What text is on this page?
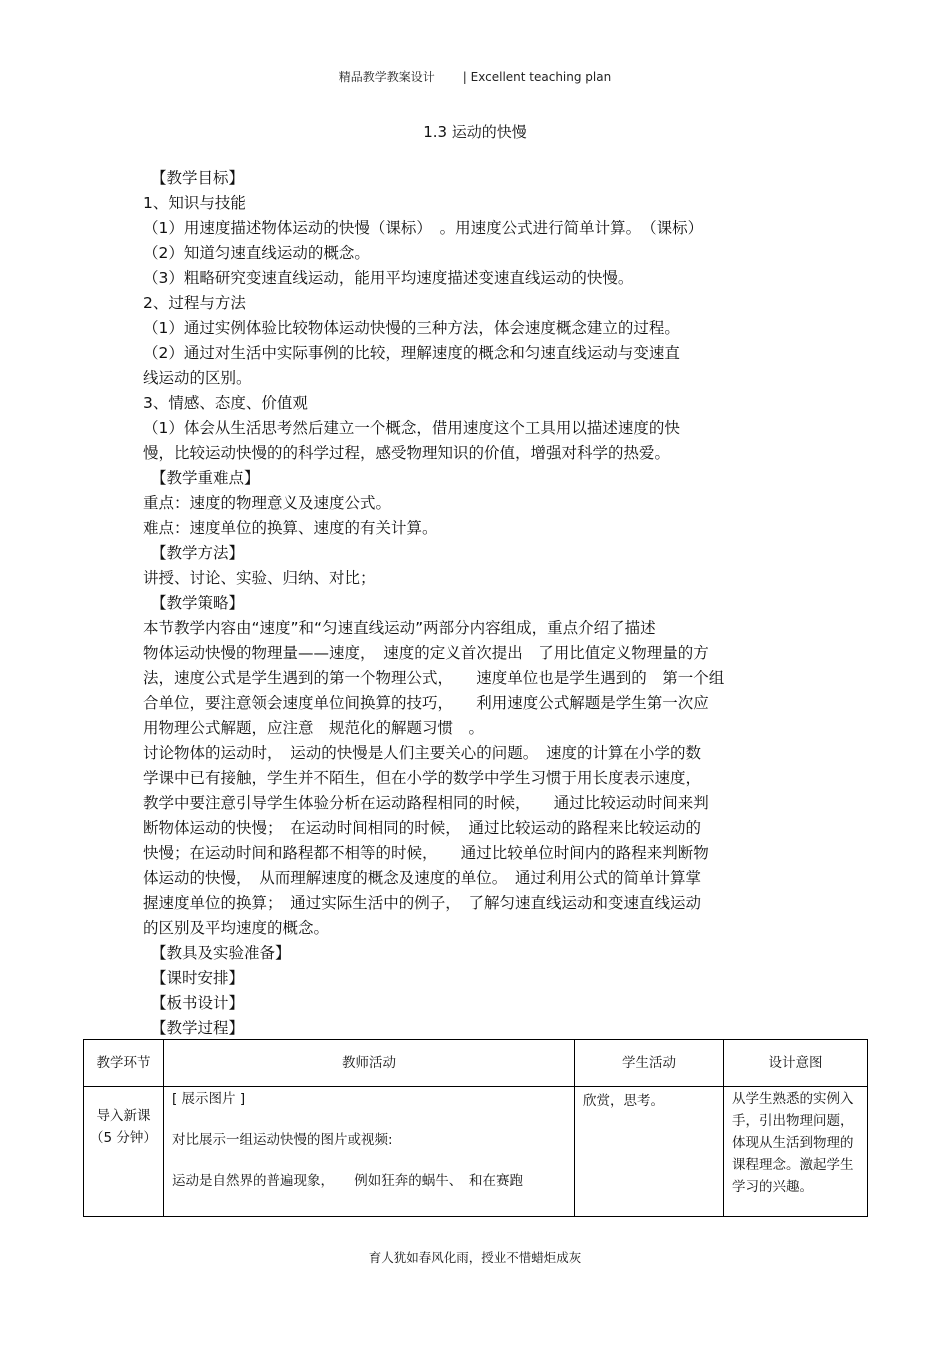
精品教学教案设计 | Excellent teaching plan
1.3 运动的快慢
【教学目标】
1、知识与技能
（1）用速度描述物体运动的快慢（课标）　。用速度公式进行简单计算。　（课标）
（2）知道匀速直线运动的概念。
（3）粗略研究变速直线运动，能用平均速度描述变速直线运动的快慢。
2、过程与方法
（1）通过实例体验比较物体运动快慢的三种方法，体会速度概念建立的过程。
（2）通过对生活中实际事例的比较，理解速度的概念和匀速直线运动与变速直
线运动的区别。
3、情感、态度、价值观
（1）体会从生活思考然后建立一个概念，借用速度这个工具用以描述速度的快
慢，比较运动快慢的的科学过程，感受物理知识的价值，增强对科学的热爱。
【教学重难点】
重点：速度的物理意义及速度公式。
难点：速度单位的换算、速度的有关计算。
【教学方法】
讲授、讨论、实验、归纳、对比；
【教学策略】
本节教学内容由“速度”和“匀速直线运动”两部分内容组成，重点介绍了描述
物体运动快慢的物理量——速度，　速度的定义首次提出　了用比值定义物理量的方
法，速度公式是学生遇到的第一个物理公式，　　速度单位也是学生遇到的　第一个组
合单位，要注意领会速度单位间换算的技巧，　　利用速度公式解题是学生第一次应
用物理公式解题，应注意　规范化的解题习惯　。
讨论物体的运动时，　运动的快慢是人们主要关心的问题。　速度的计算在小学的数
学课中已有接触，学生并不陌生，但在小学的数学中学生习惯于用长度表示速度，
教学中要注意引导学生体验分析在运动路程相同的时候，　　通过比较运动时间来判
断物体运动的快慢；　在运动时间相同的时候，　通过比较运动的路程来比较运动的
快慢；在运动时间和路程都不相等的时候，　　通过比较单位时间内的路程来判断物
体运动的快慢，　从而理解速度的概念及速度的单位。　通过利用公式的简单计算掌
握速度单位的换算；　通过实际生活中的例子，　了解匀速直线运动和变速直线运动
的区别及平均速度的概念。
【教具及实验准备】
【课时安排】
【板书设计】
【教学过程】
教学环节	教师活动	学生活动	设计意图
导入新课（5 分钟）	[ 展示图片 ]

对比展示一组运动快慢的图片或视频:

运动是自然界的普遍现象，　　例如狂奔的蜗牛、　和在赛跑	欣赏，思考。	从学生熟悉的实例入手，引出物理问题，体现从生活到物理的课程理念。激起学生学习的兴趣。
育人犹如春风化雨，授业不惜蜡炬成灰
